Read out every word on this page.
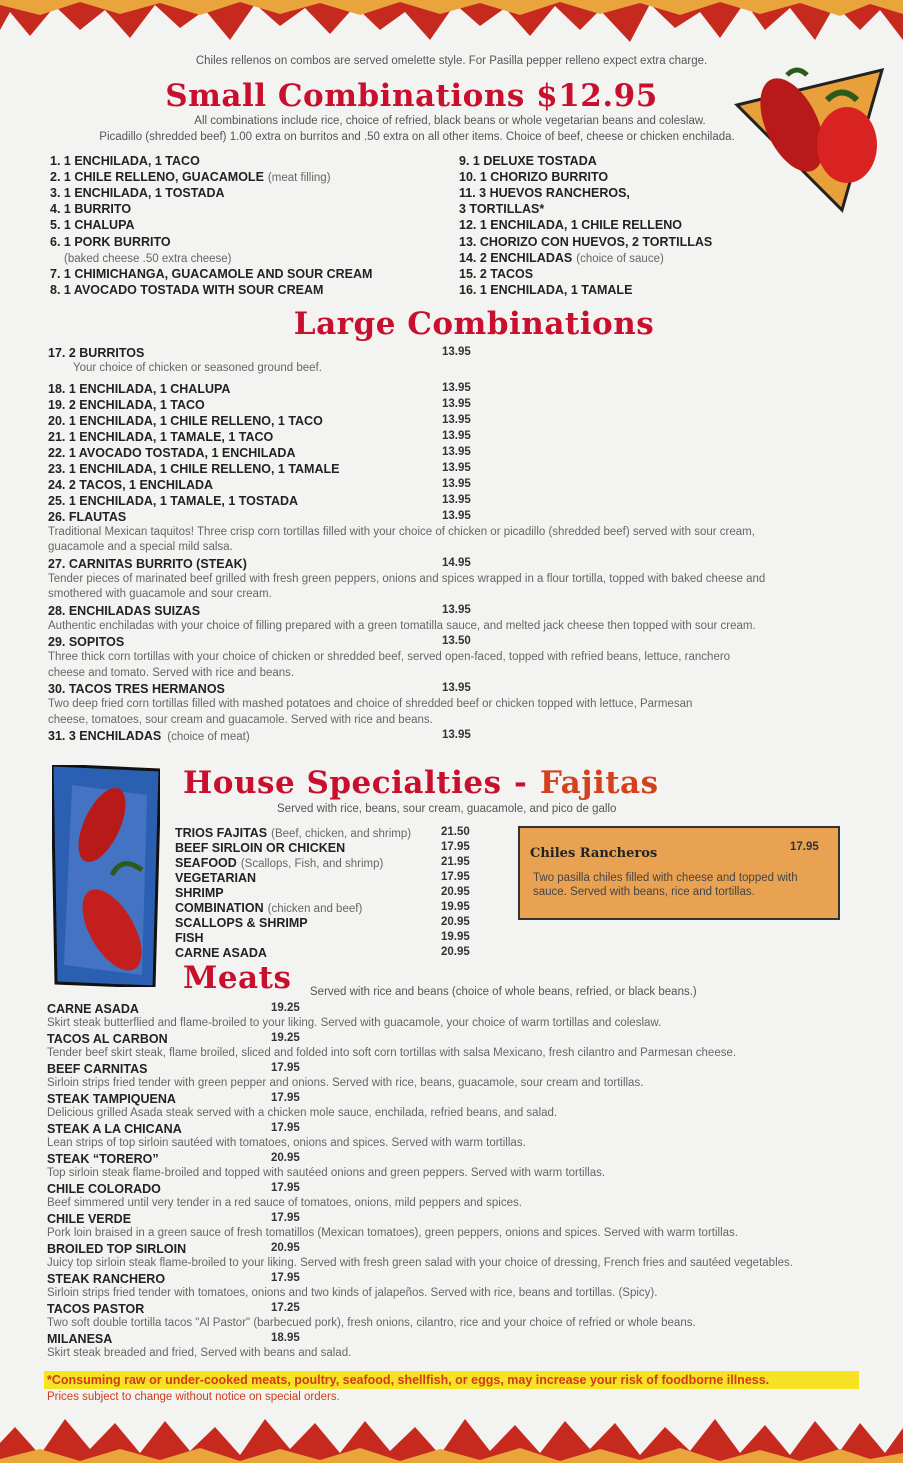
Chiles rellenos on combos are served omelette style. For Pasilla pepper relleno expect extra charge.
Small Combinations $12.95
All combinations include rice, choice of refried, black beans or whole vegetarian beans and coleslaw.
Picadillo (shredded beef) 1.00 extra on burritos and .50 extra on all other items. Choice of beef, cheese or chicken enchilada.
1. 1 ENCHILADA, 1 TACO
2. 1 CHILE RELLENO, GUACAMOLE (meat filling)
3. 1 ENCHILADA, 1 TOSTADA
4. 1 BURRITO
5. 1 CHALUPA
6. 1 PORK BURRITO
(baked cheese .50 extra cheese)
7. 1 CHIMICHANGA, GUACAMOLE AND SOUR CREAM
8. 1 AVOCADO TOSTADA WITH SOUR CREAM
9. 1 DELUXE TOSTADA
10. 1 CHORIZO BURRITO
11. 3 HUEVOS RANCHEROS,
3 TORTILLAS*
12. 1 ENCHILADA, 1 CHILE RELLENO
13. CHORIZO CON HUEVOS, 2 TORTILLAS
14. 2 ENCHILADAS (choice of sauce)
15. 2 TACOS
16. 1 ENCHILADA, 1 TAMALE
Large Combinations
17. 2 BURRITOS	13.95
Your choice of chicken or seasoned ground beef.
18. 1 ENCHILADA, 1 CHALUPA	13.95
19. 2 ENCHILADA, 1 TACO	13.95
20. 1 ENCHILADA, 1 CHILE RELLENO, 1 TACO	13.95
21. 1 ENCHILADA, 1 TAMALE, 1 TACO	13.95
22. 1 AVOCADO TOSTADA, 1 ENCHILADA	13.95
23. 1 ENCHILADA, 1 CHILE RELLENO, 1 TAMALE	13.95
24. 2 TACOS, 1 ENCHILADA	13.95
25. 1 ENCHILADA, 1 TAMALE, 1 TOSTADA	13.95
26. FLAUTAS	13.95
Traditional Mexican taquitos! Three crisp corn tortillas filled with your choice of chicken or picadillo (shredded beef) served with sour cream,
guacamole and a special mild salsa.
27. CARNITAS BURRITO (STEAK)	14.95
Tender pieces of marinated beef grilled with fresh green peppers, onions and spices wrapped in a flour tortilla, topped with baked cheese and
smothered with guacamole and sour cream.
28. ENCHILADAS SUIZAS	13.95
Authentic enchiladas with your choice of filling prepared with a green tomatilla sauce, and melted jack cheese then topped with sour cream.
29. SOPITOS	13.50
Three thick corn tortillas with your choice of chicken or shredded beef, served open-faced, topped with refried beans, lettuce, ranchero
cheese and tomato. Served with rice and beans.
30. TACOS TRES HERMANOS	13.95
Two deep fried corn tortillas filled with mashed potatoes and choice of shredded beef or chicken topped with lettuce, Parmesan
cheese, tomatoes, sour cream and guacamole. Served with rice and beans.
31. 3 ENCHILADAS (choice of meat)	13.95
House Specialties - Fajitas
Served with rice, beans, sour cream, guacamole, and pico de gallo
TRIOS FAJITAS (Beef, chicken, and shrimp)	21.50
BEEF SIRLOIN OR CHICKEN	17.95
SEAFOOD (Scallops, Fish, and shrimp)	21.95
VEGETARIAN	17.95
SHRIMP	20.95
COMBINATION (chicken and beef)	19.95
SCALLOPS & SHRIMP	20.95
FISH	19.95
CARNE ASADA	20.95
Chiles Rancheros	17.95
Two pasilla chiles filled with cheese and topped with
sauce. Served with beans, rice and tortillas.
Meats Served with rice and beans (choice of whole beans, refried, or black beans.)
CARNE ASADA	19.25
Skirt steak butterflied and flame-broiled to your liking. Served with guacamole, your choice of warm tortillas and coleslaw.
TACOS AL CARBON	19.25
Tender beef skirt steak, flame broiled, sliced and folded into soft corn tortillas with salsa Mexicano, fresh cilantro and Parmesan cheese.
BEEF CARNITAS	17.95
Sirloin strips fried tender with green pepper and onions. Served with rice, beans, guacamole, sour cream and tortillas.
STEAK TAMPIQUENA	17.95
Delicious grilled Asada steak served with a chicken mole sauce, enchilada, refried beans, and salad.
STEAK A LA CHICANA	17.95
Lean strips of top sirloin sautéed with tomatoes, onions and spices. Served with warm tortillas.
STEAK “TORERO”	20.95
Top sirloin steak flame-broiled and topped with sautéed onions and green peppers. Served with warm tortillas.
CHILE COLORADO	17.95
Beef simmered until very tender in a red sauce of tomatoes, onions, mild peppers and spices.
CHILE VERDE	17.95
Pork loin braised in a green sauce of fresh tomatillos (Mexican tomatoes), green peppers, onions and spices. Served with warm tortillas.
BROILED TOP SIRLOIN	20.95
Juicy top sirloin steak flame-broiled to your liking. Served with fresh green salad with your choice of dressing, French fries and sautéed vegetables.
STEAK RANCHERO	17.95
Sirloin strips fried tender with tomatoes, onions and two kinds of jalapeños. Served with rice, beans and tortillas. (Spicy).
TACOS PASTOR	17.25
Two soft double tortilla tacos "Al Pastor" (barbecued pork), fresh onions, cilantro, rice and your choice of refried or whole beans.
MILANESA	18.95
Skirt steak breaded and fried, Served with beans and salad.
*Consuming raw or under-cooked meats, poultry, seafood, shellfish, or eggs, may increase your risk of foodborne illness.
Prices subject to change without notice on special orders.
